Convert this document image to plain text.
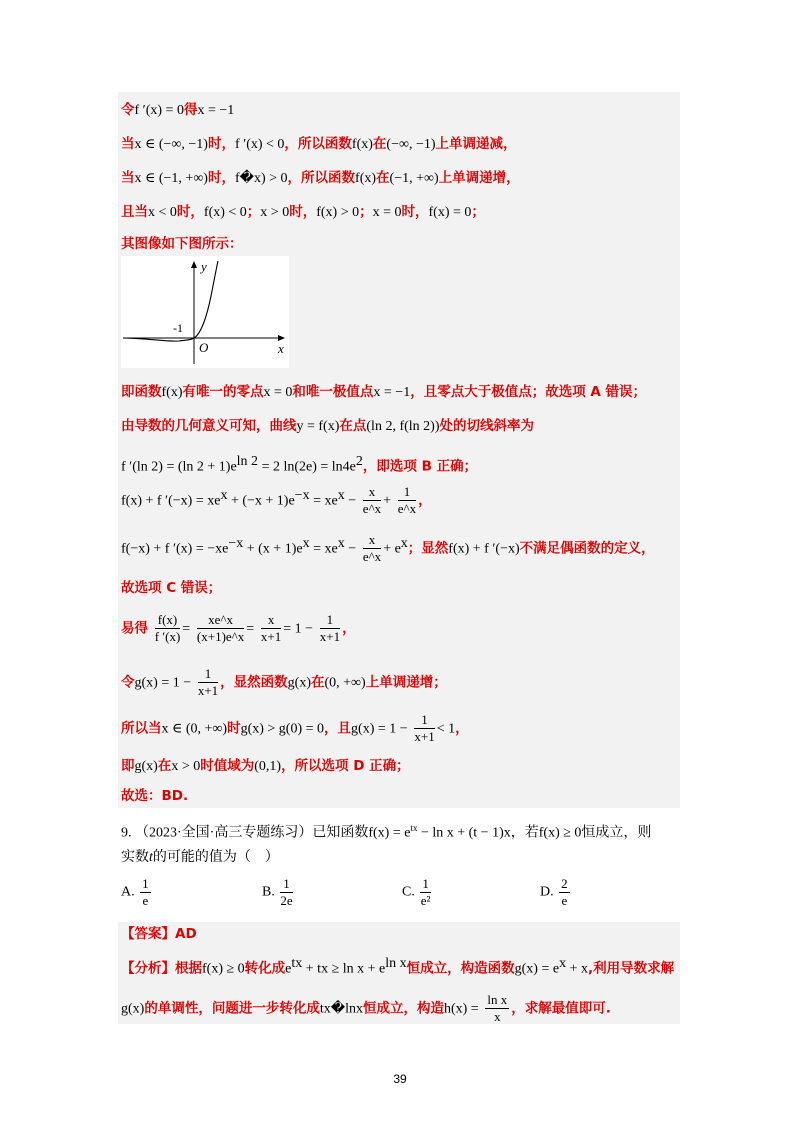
令f ′(x) = 0得x = −1
当x ∈ (−∞, −1)时，f ′(x) < 0，所以函数f(x)在(−∞, −1)上单调递减，
当x ∈ (−1, +∞)时，f�x) > 0，所以函数f(x)在(−1, +∞)上单调递增，
且当x < 0时，f(x) < 0；x > 0时，f(x) > 0；x = 0时，f(x) = 0；
其图像如下图所示：
y
x
O
-1
即函数f(x)有唯一的零点x = 0和唯一极值点x = −1，且零点大于极值点；故选项 A 错误；
由导数的几何意义可知，曲线y = f(x)在点(ln 2, f(ln 2))处的切线斜率为
f ′(ln 2) = (ln $2 + 1)e^{ln 2} = 2$ $\ln(2e) = \ln 4e^2$，即选项 B 正确；
f(x) + f $'(-x) = xe^x + (-x + 1)e^{-x} = xe^x - \frac{x}{e\^{}x} + \frac{1}{e\^{}x}$ ，
f(−x) + f $'(x) = -xe^{-x} + (x + 1)e^x = xe^x - \frac{x}{e\^{}x} + e^x$；显然f(x) + f ′(−x)不满足偶函数的定义，
故选项 C 错误；
易得 $\frac{f(x)}{f '(x)} = \frac{xe\^{}x}{(x+1)e\^{}x} = \frac{x}{x+1} = 1 - \frac{1}{x+1}$ ，
令$g(x) = 1 - \frac{1}{x+1}$ ，显然函数g(x)在(0, +∞)上单调递增；
所以当x ∈ (0, +∞)时g(x) > g(0) = 0，且$g(x) = 1 - \frac{1}{x+1} < 1$，
即g(x)在x > 0时值域为(0,1)，所以选项 D 正确；
故选：BD.
9. （2023·全国·高三专题练习）已知函数$f(x) = e^{tx} - \ln x + (t - 1)x$，若f(x) ≥ 0恒成立，则
实数t的可能的值为（　）
A. $\frac{1}{e}$	B. $\frac{1}{2e}$	C. $\frac{1}{\text{e²}}$	D. $\frac{2}{e}$
【答案】AD
【分析】根据f(x) ≥ 0转化成$e^{tx}$ + tx ≥ $\ln x + e^{ln x}$恒成立，构造函数$g(x) = e^x + x$,利用导数求解
g(x)的单调性，问题进一步转化成tx�lnx恒成立，构造$h(x) = \frac{\text{ln x}}{x}$ ，求解最值即可.
39
